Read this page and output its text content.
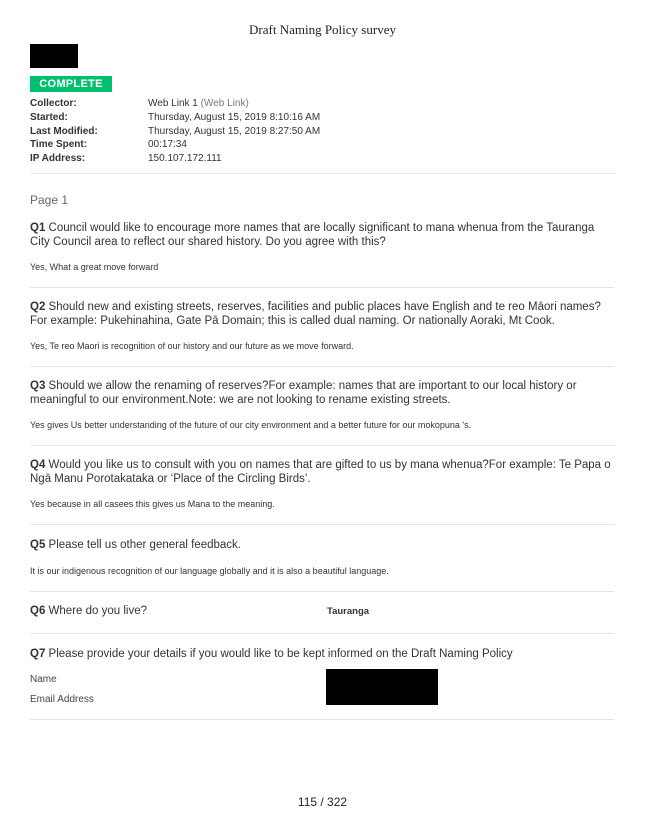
Draft Naming Policy survey
COMPLETE
Collector:	Web Link 1 (Web Link)
Started:	Thursday, August 15, 2019 8:10:16 AM
Last Modified:	Thursday, August 15, 2019 8:27:50 AM
Time Spent:	00:17:34
IP Address:	150.107.172.111
Page 1
Q1 Council would like to encourage more names that are locally significant to mana whenua from the Tauranga City Council area to reflect our shared history. Do you agree with this?
Yes, What a great move forward
Q2 Should new and existing streets, reserves, facilities and public places have English and te reo Māori names?For example: Pukehinahina, Gate Pā Domain; this is called dual naming. Or nationally Aoraki, Mt Cook.
Yes, Te reo Maori is recognition of our history and our future as we move forward.
Q3 Should we allow the renaming of reserves?For example: names that are important to our local history or meaningful to our environment.Note: we are not looking to rename existing streets.
Yes gives Us better understanding of the future of our city environment and a better future for our mokopuna 's.
Q4 Would you like us to consult with you on names that are gifted to us by mana whenua?For example: Te Papa o Ngā Manu Porotakataka or ‘Place of the Circling Birds’.
Yes because in all casees this gives us Mana to the meaning.
Q5 Please tell us other general feedback.
It is our indigenous recognition of our language globally and it is also a beautiful language.
Q6 Where do you live?	Tauranga
Q7 Please provide your details if you would like to be kept informed on the Draft Naming Policy
Name
Email Address
115 / 322
